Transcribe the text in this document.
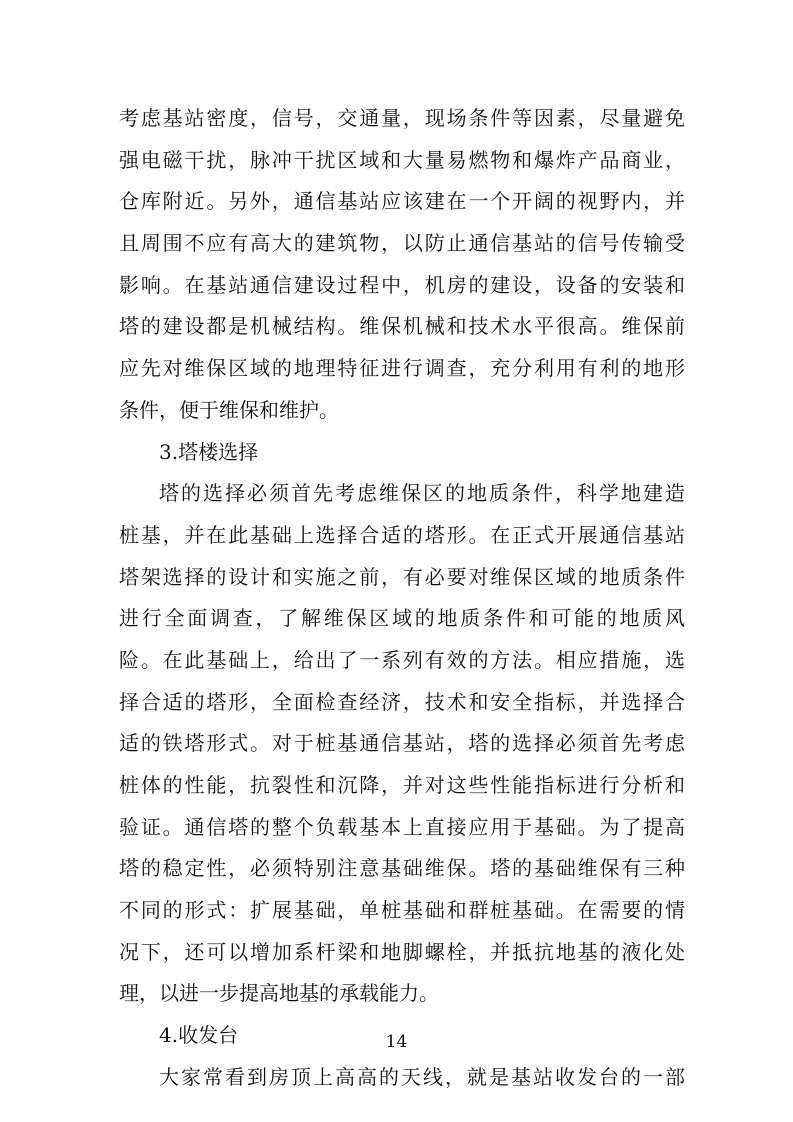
考虑基站密度，信号，交通量，现场条件等因素，尽量避免
强电磁干扰，脉冲干扰区域和大量易燃物和爆炸产品商业，
仓库附近。另外，通信基站应该建在一个开阔的视野内，并
且周围不应有高大的建筑物，以防止通信基站的信号传输受
影响。在基站通信建设过程中，机房的建设，设备的安装和
塔的建设都是机械结构。维保机械和技术水平很高。维保前
应先对维保区域的地理特征进行调查，充分利用有利的地形
条件，便于维保和维护。
3.塔楼选择
塔的选择必须首先考虑维保区的地质条件，科学地建造
桩基，并在此基础上选择合适的塔形。在正式开展通信基站
塔架选择的设计和实施之前，有必要对维保区域的地质条件
进行全面调查，了解维保区域的地质条件和可能的地质风
险。在此基础上，给出了一系列有效的方法。相应措施，选
择合适的塔形，全面检查经济，技术和安全指标，并选择合
适的铁塔形式。对于桩基通信基站，塔的选择必须首先考虑
桩体的性能，抗裂性和沉降，并对这些性能指标进行分析和
验证。通信塔的整个负载基本上直接应用于基础。为了提高
塔的稳定性，必须特别注意基础维保。塔的基础维保有三种
不同的形式：扩展基础，单桩基础和群桩基础。在需要的情
况下，还可以增加系杆梁和地脚螺栓，并抵抗地基的液化处
理，以进一步提高地基的承载能力。
4.收发台
大家常看到房顶上高高的天线，就是基站收发台的一部
14
